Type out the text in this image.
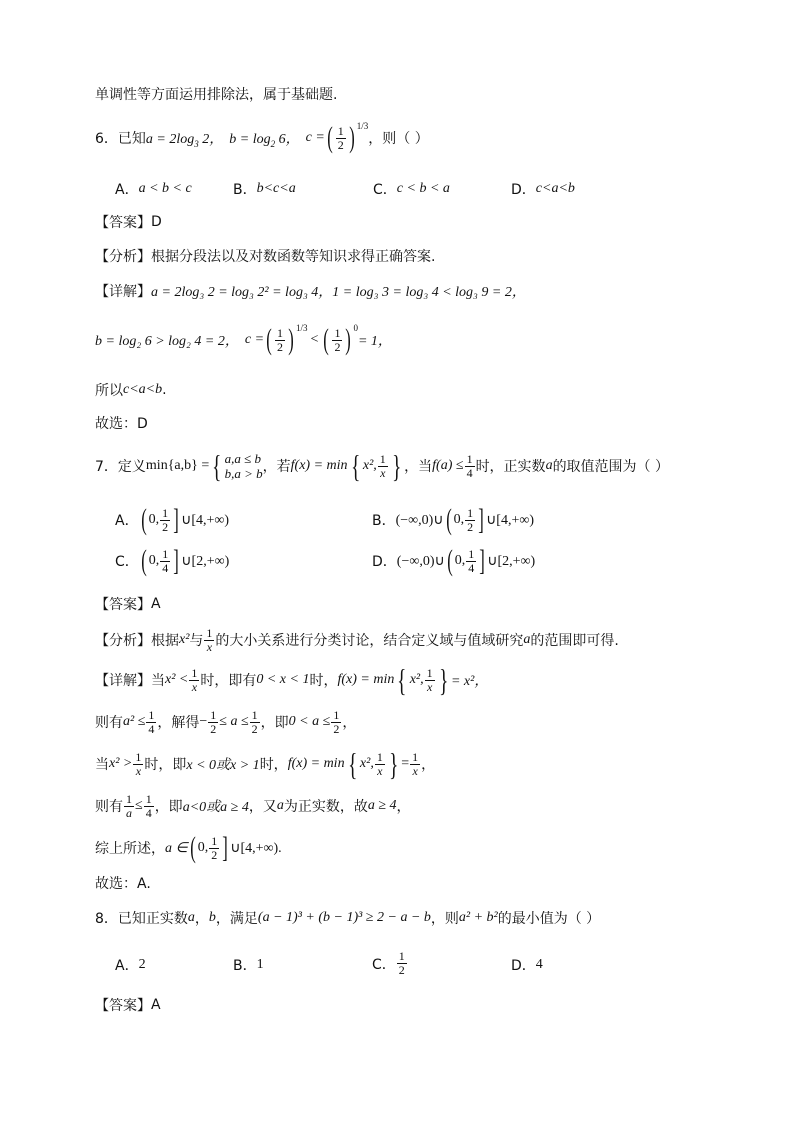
单调性等方面运用排除法，属于基础题.
6．已知 $a = 2\log_3$ 2， $b = \log_2 6$， c = ( $\frac{1}{2}$ ) 1/3
，则（ ）
A． a < b < c	B． b<c<a	C． c < b < a	D． c<a<b
【答案】 D
【分析】 根据分段法以及对数函数等知识求得正确答案.
【详解】 a = 2log₃ 2 = log₃ 2² = log₃ 4，1 = log₃ 3 = log₃ 4 < log₃ 9 = 2，
b = log₂ 6 > log₂ 4 = 2， c = ( $\frac{1}{2}$ ) 1/3
< ( $\frac{1}{2}$ ) 0
= 1，
所以 c<a<b .
故选：D
7．定义 min{a,b} = { a,a ≤ b
b,a > b ，若 f(x) = min { x², $\frac{1}{x}$ } ，当 $f(a) \le \frac{1}{4}$ 时，正实数 a 的取值范围为（ ）
A． ( 0, $\frac{1}{2}$ ] ∪[4,+∞)	B． (−∞,0)∪ ( 0, $\frac{1}{2}$ ] ∪[4,+∞)
C． ( 0, $\frac{1}{4}$ ] ∪[2,+∞)	D． (−∞,0)∪ ( 0, $\frac{1}{4}$ ] ∪[2,+∞)
【答案】 A
【分析】 根据 x² 与 $\frac{1}{x}$ 的大小关系进行分类讨论，结合定义域与值域研究 a 的范围即可得.
【详解】 当 $x^2 < \frac{1}{x}$ 时，即有 0 < x < 1 时， f(x) = min { x², $\frac{1}{x}$ } = x²，
则有 $a^2 \le \frac{1}{4}$ ，解得 − $\frac{1}{2} \le a \le \frac{1}{2}$ ，即 $0 < a \le \frac{1}{2}$ ，
当 $x^2 > \frac{1}{x}$ 时，即 x < 0或x > 1 时， f(x) = min { x², $\frac{1}{x}$ } = $\frac{1}{x}$ ，
则有 $\frac{1}{a} \le \frac{1}{4}$ ，即 a<0或a ≥ 4 ，又 a 为正实数，故 a ≥ 4 ，
综上所述， a ∈ ( 0, $\frac{1}{2}$ ] ∪[4,+∞).
故选：A.
8．已知正实数 a ， b ，满足 (a − 1)³ + (b − 1)³ ≥ 2 − a − b ，则 a² + b² 的最小值为（ ）
A． 2	B． 1	C． $\frac{1}{2}$	D． 4
【答案】 A
